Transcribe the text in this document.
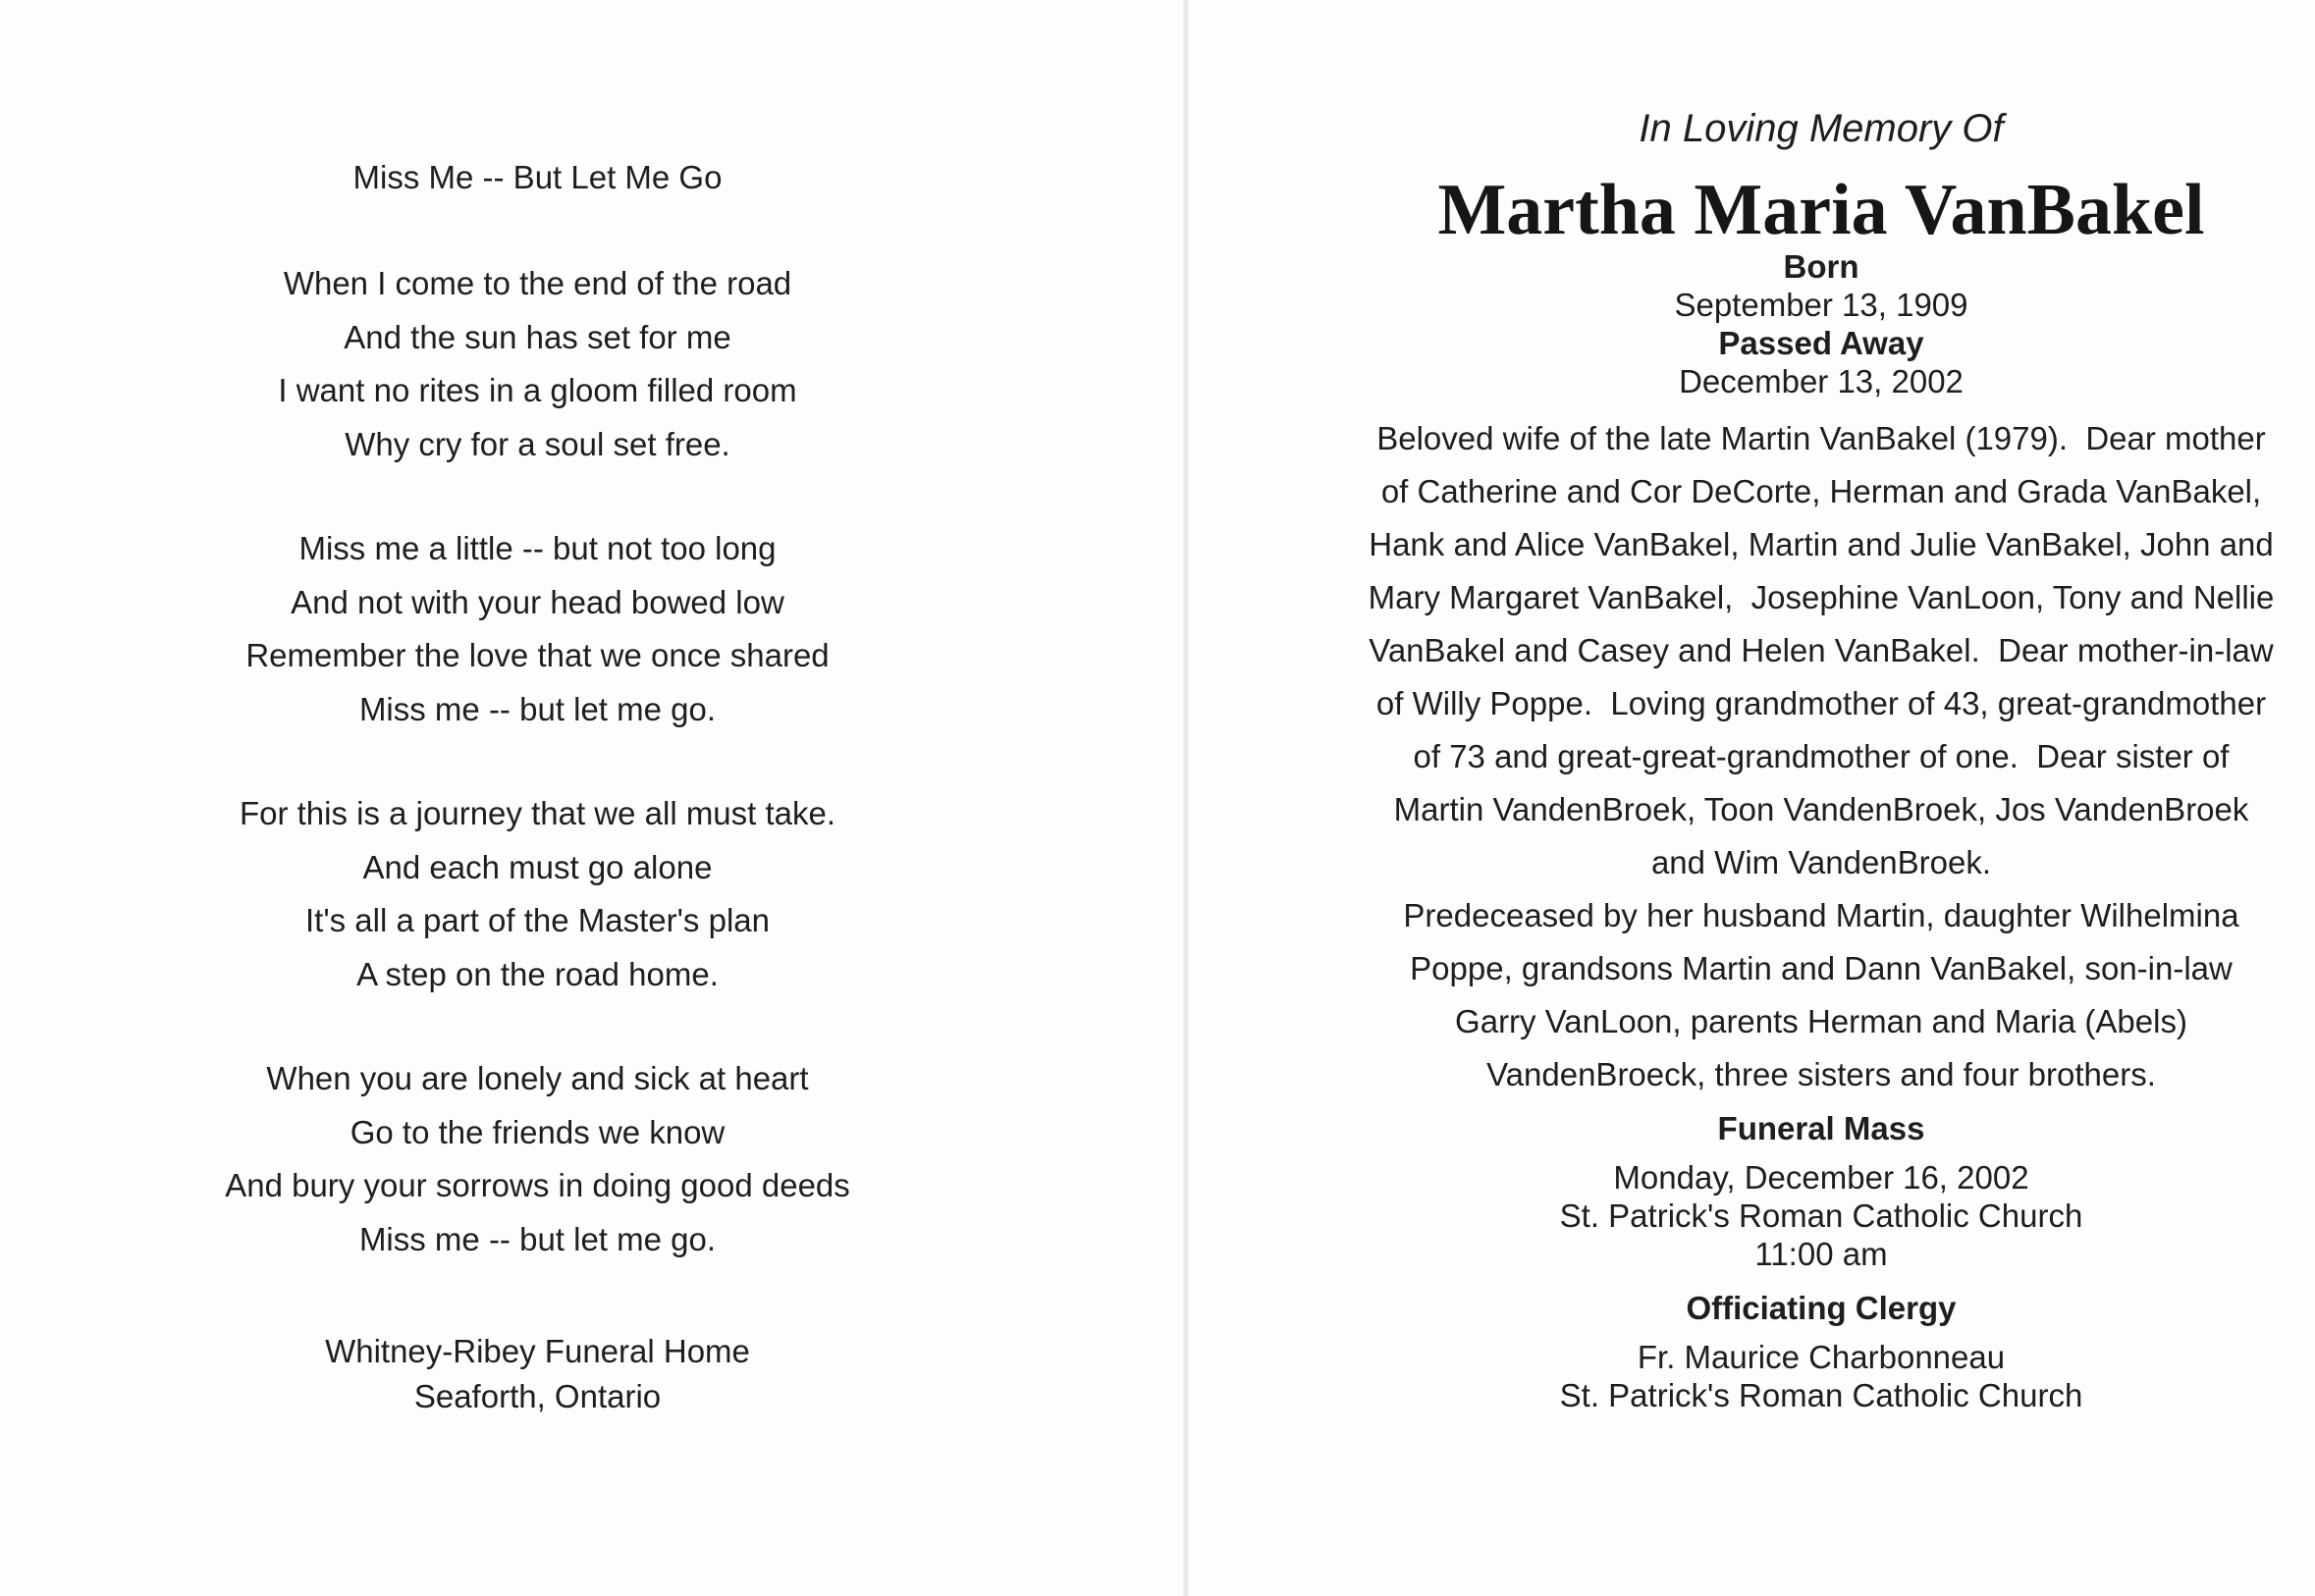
Miss Me -- But Let Me Go
When I come to the end of the road
And the sun has set for me
I want no rites in a gloom filled room
Why cry for a soul set free.
Miss me a little -- but not too long
And not with your head bowed low
Remember the love that we once shared
Miss me -- but let me go.
For this is a journey that we all must take.
And each must go alone
It's all a part of the Master's plan
A step on the road home.
When you are lonely and sick at heart
Go to the friends we know
And bury your sorrows in doing good deeds
Miss me -- but let me go.
Whitney-Ribey Funeral Home
Seaforth, Ontario
In Loving Memory Of
Martha Maria VanBakel
Born
September 13, 1909
Passed Away
December 13, 2002
Beloved wife of the late Martin VanBakel (1979).  Dear mother
of Catherine and Cor DeCorte, Herman and Grada VanBakel,
Hank and Alice VanBakel, Martin and Julie VanBakel, John and
Mary Margaret VanBakel,  Josephine VanLoon, Tony and Nellie
VanBakel and Casey and Helen VanBakel.  Dear mother-in-law
of Willy Poppe.  Loving grandmother of 43, great-grandmother
of 73 and great-great-grandmother of one.  Dear sister of
Martin VandenBroek, Toon VandenBroek, Jos VandenBroek
and Wim VandenBroek.
Predeceased by her husband Martin, daughter Wilhelmina
Poppe, grandsons Martin and Dann VanBakel, son-in-law
Garry VanLoon, parents Herman and Maria (Abels)
VandenBroeck, three sisters and four brothers.
Funeral Mass
Monday, December 16, 2002
St. Patrick's Roman Catholic Church
11:00 am
Officiating Clergy
Fr. Maurice Charbonneau
St. Patrick's Roman Catholic Church
